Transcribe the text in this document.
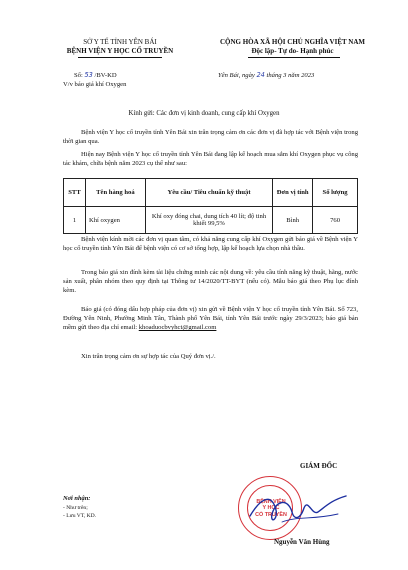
SỞ Y TẾ TỈNH YÊN BÁI
BỆNH VIỆN Y HỌC CỔ TRUYỀN
CỘNG HÒA XÃ HỘI CHỦ NGHĨA VIỆT NAM
Độc lập- Tự do- Hạnh phúc
Số: 53 /BV-KD
V/v báo giá khí Oxygen
Yên Bái, ngày 24 tháng 3 năm 2023
Kính gửi: Các đơn vị kinh doanh, cung cấp khí Oxygen
Bệnh viện Y học cổ truyền tỉnh Yên Bái xin trân trọng cảm ơn các đơn vị đã hợp tác với Bệnh viện trong thời gian qua.
Hiện nay Bệnh viện Y học cổ truyền tỉnh Yên Bái đang lập kế hoạch mua sắm khí Oxygen phục vụ công tác khám, chữa bệnh năm 2023 cụ thể như sau:
STT	Tên hàng hoá	Yêu cầu/ Tiêu chuẩn kỹ thuật	Đơn vị tính	Số lượng
1	Khí oxygen	Khí oxy đóng chai, dung tích 40 lít; độ tinh khiết 99,5%	Bình	760
Bệnh viện kính mời các đơn vị quan tâm, có khả năng cung cấp khí Oxygen gửi báo giá về Bệnh viện Y học cổ truyền tỉnh Yên Bái để bệnh viện có cơ sở tổng hợp, lập kế hoạch lựa chọn nhà thầu.
Trong báo giá xin đính kèm tài liệu chứng minh các nội dung về: yêu cầu tính năng kỹ thuật, hãng, nước sản xuất, phân nhóm theo quy định tại Thông tư 14/2020/TT-BYT (nếu có). Mẫu báo giá theo Phụ lục đính kèm.
Báo giá (có đóng dấu hợp pháp của đơn vị) xin gửi về Bệnh viện Y học cổ truyền tỉnh Yên Bái. Số 723, Đường Yên Ninh, Phường Minh Tân, Thành phố Yên Bái, tỉnh Yên Bái trước ngày 29/3/2023; báo giá bản mềm gửi theo địa chỉ email: khoaduocbvyhct@gmail.com
Xin trân trọng cảm ơn sự hợp tác của Quý đơn vị./.
Nơi nhận:
- Như trên;
- Lưu VT, KD.
GIÁM ĐỐC
BỆNH VIỆN
Y HỌC
CỔ TRUYỀN
Nguyễn Văn Hùng
